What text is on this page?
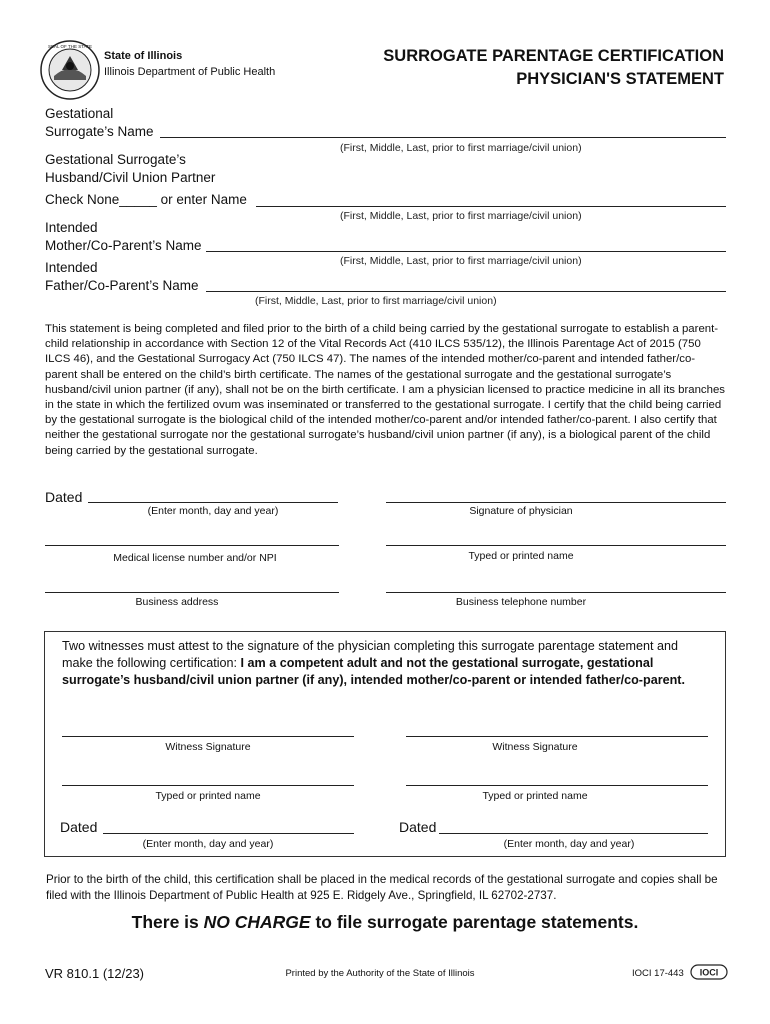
SEAL OF THE STATE
State of Illinois
Illinois Department of Public Health
SURROGATE PARENTAGE CERTIFICATION
PHYSICIAN'S STATEMENT
Gestational
Surrogate’s Name
(First, Middle, Last, prior to first marriage/civil union)
Gestational Surrogate’s
Husband/Civil Union Partner
Check None_____ or enter Name
(First, Middle, Last, prior to first marriage/civil union)
Intended
Mother/Co-Parent’s Name
(First, Middle, Last, prior to first marriage/civil union)
Intended
Father/Co-Parent’s Name
(First, Middle, Last, prior to first marriage/civil union)
This statement is being completed and filed prior to the birth of a child being carried by the gestational surrogate to establish a parent-child relationship in accordance with Section 12 of the Vital Records Act (410 ILCS 535/12), the Illinois Parentage Act of 2015 (750 ILCS 46), and the Gestational Surrogacy Act (750 ILCS 47). The names of the intended mother/co-parent and intended father/co-parent shall be entered on the child’s birth certificate. The names of the gestational surrogate and the gestational surrogate’s husband/civil union partner (if any), shall not be on the birth certificate. I am a physician licensed to practice medicine in all its branches in the state in which the fertilized ovum was inseminated or transferred to the gestational surrogate. I certify that the child being carried by the gestational surrogate is the biological child of the intended mother/co-parent and/or intended father/co-parent. I also certify that neither the gestational surrogate nor the gestational surrogate’s husband/civil union partner (if any), is a biological parent of the child being carried by the gestational surrogate.
Dated
(Enter month, day and year)	Signature of physician
Medical license number and/or NPI	Typed or printed name
Business address	Business telephone number
Two witnesses must attest to the signature of the physician completing this surrogate parentage statement and make the following certification: I am a competent adult and not the gestational surrogate, gestational surrogate’s husband/civil union partner (if any), intended mother/co-parent or intended father/co-parent.
Witness Signature	Witness Signature
Typed or printed name	Typed or printed name
Dated
(Enter month, day and year)
Dated
(Enter month, day and year)
Prior to the birth of the child, this certification shall be placed in the medical records of the gestational surrogate and copies shall be filed with the Illinois Department of Public Health at 925 E. Ridgely Ave., Springfield, IL 62702-2737.
There is NO CHARGE to file surrogate parentage statements.
VR 810.1 (12/23)	Printed by the Authority of the State of Illinois	IOCI 17-443 IOCI
